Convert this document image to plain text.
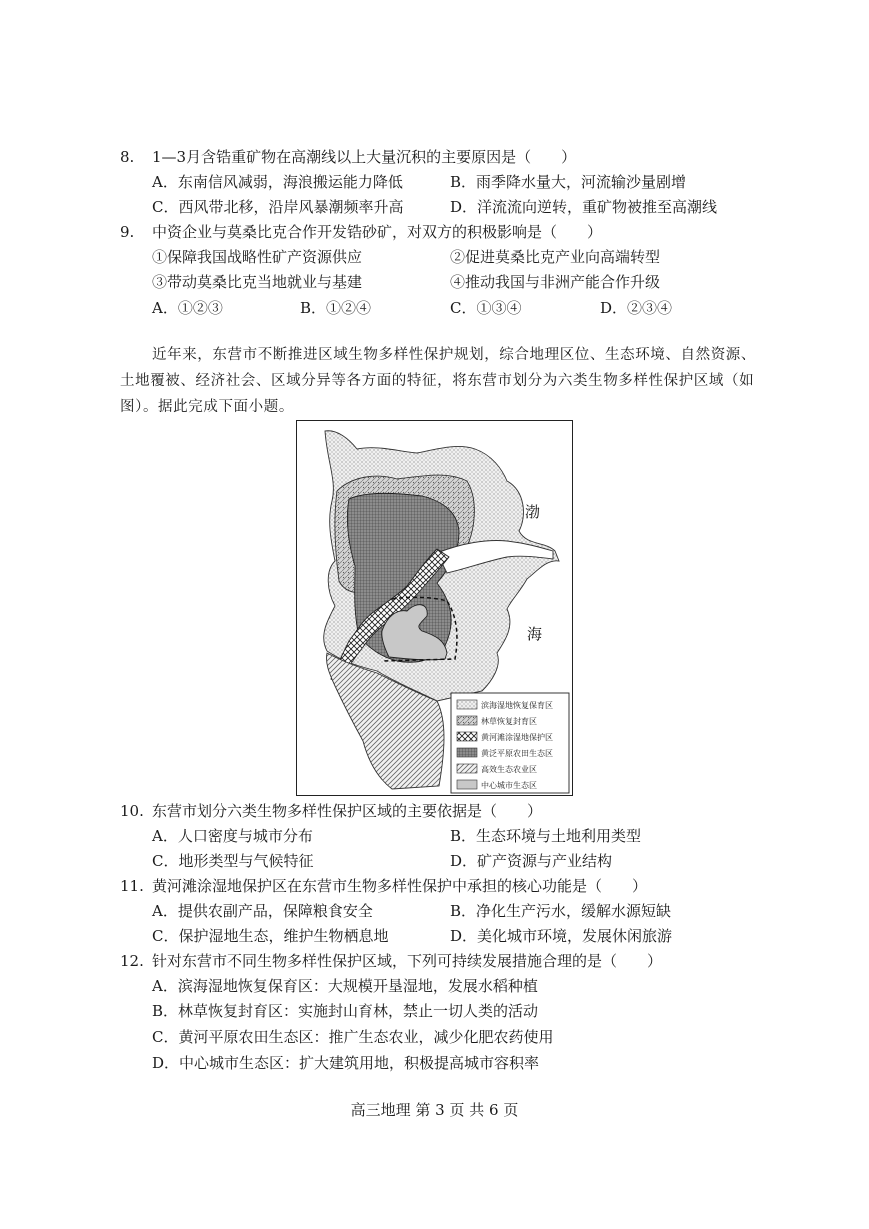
8. 1—3月含锆重矿物在高潮线以上大量沉积的主要原因是（　　）
A．东南信风减弱，海浪搬运能力降低	B．雨季降水量大，河流输沙量剧增
C．西风带北移，沿岸风暴潮频率升高	D．洋流流向逆转，重矿物被推至高潮线
9. 中资企业与莫桑比克合作开发锆砂矿，对双方的积极影响是（　　）
①保障我国战略性矿产资源供应	②促进莫桑比克产业向高端转型
③带动莫桑比克当地就业与基建	④推动我国与非洲产能合作升级
A．①②③	B．①②④	C．①③④	D．②③④
近年来，东营市不断推进区域生物多样性保护规划，综合地理区位、生态环境、自然资源、
土地覆被、经济社会、区域分异等各方面的特征，将东营市划分为六类生物多样性保护区域（如
图）。据此完成下面小题。
渤
海
滨海湿地恢复保育区
林草恢复封育区
黄河滩涂湿地保护区
黄泛平原农田生态区
高效生态农业区
中心城市生态区
10. 东营市划分六类生物多样性保护区域的主要依据是（　　）
A．人口密度与城市分布	B．生态环境与土地利用类型
C．地形类型与气候特征	D．矿产资源与产业结构
11. 黄河滩涂湿地保护区在东营市生物多样性保护中承担的核心功能是（　　）
A．提供农副产品，保障粮食安全	B．净化生产污水，缓解水源短缺
C．保护湿地生态，维护生物栖息地	D．美化城市环境，发展休闲旅游
12. 针对东营市不同生物多样性保护区域，下列可持续发展措施合理的是（　　）
A．滨海湿地恢复保育区：大规模开垦湿地，发展水稻种植
B．林草恢复封育区：实施封山育林，禁止一切人类的活动
C．黄河平原农田生态区：推广生态农业，减少化肥农药使用
D．中心城市生态区：扩大建筑用地，积极提高城市容积率
高三地理 第 3 页 共 6 页
